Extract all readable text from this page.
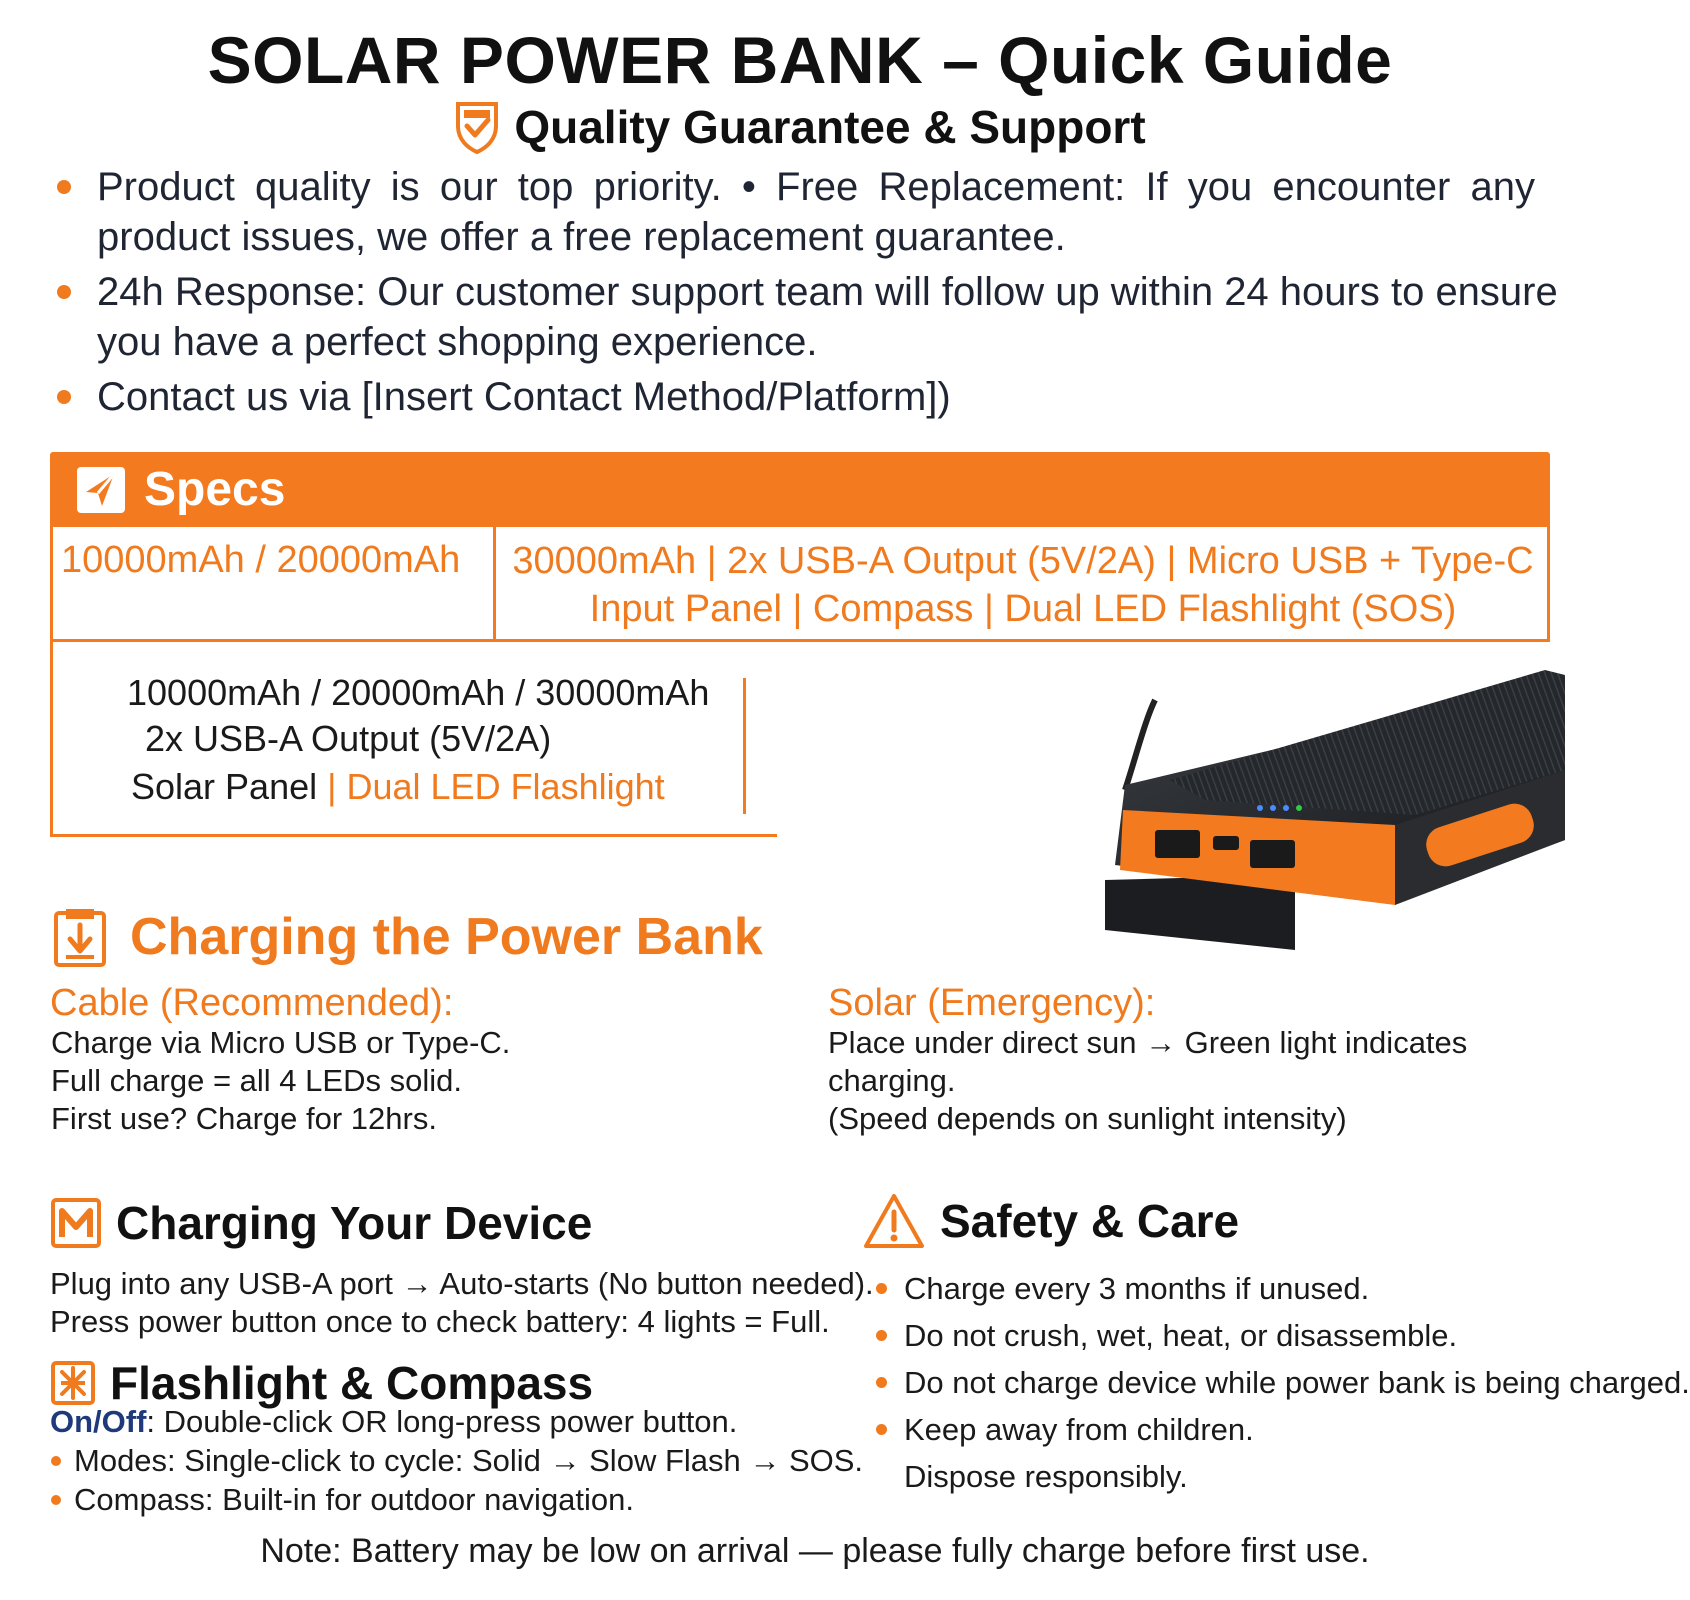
SOLAR POWER BANK – Quick Guide
Quality Guarantee & Support
Product quality is our top priority. • Free Replacement: If you encounter any
product issues, we offer a free replacement guarantee.
24h Response: Our customer support team will follow up within 24 hours to ensure
you have a perfect shopping experience.
Contact us via [Insert Contact Method/Platform])
Specs
10000mAh / 20000mAh 30000mAh | 2x USB-A Output (5V/2A) | Micro USB + Type-C
Input Panel | Compass | Dual LED Flashlight (SOS)
10000mAh / 20000mAh / 30000mAh
2x USB-A Output (5V/2A)
Solar Panel | Dual LED Flashlight
Charging the Power Bank
Cable (Recommended):
Charge via Micro USB or Type-C.
Full charge = all 4 LEDs solid.
First use? Charge for 12hrs.
Solar (Emergency):
Place under direct sun → Green light indicates
charging.
(Speed depends on sunlight intensity)
Charging Your Device
Plug into any USB-A port → Auto-starts (No button needed).
Press power button once to check battery: 4 lights = Full.
Flashlight & Compass
On/Off: Double-click OR long-press power button.
Modes: Single-click to cycle: Solid → Slow Flash → SOS.
Compass: Built-in for outdoor navigation.
Safety & Care
Charge every 3 months if unused.
Do not crush, wet, heat, or disassemble.
Do not charge device while power bank is being charged.
Keep away from children.
Dispose responsibly.
Note: Battery may be low on arrival — please fully charge before first use.
